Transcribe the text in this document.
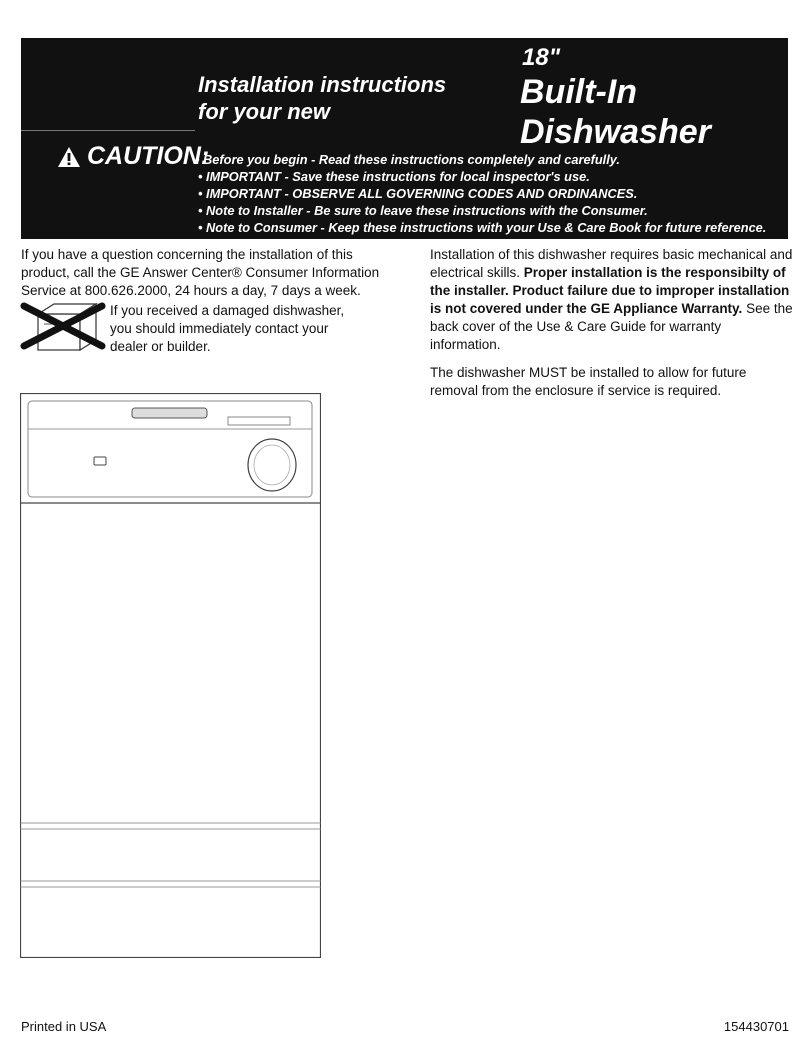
Installation instructions
for your new
18"
Built-In
Dishwasher
CAUTION:
• Before you begin - Read these instructions completely and carefully.
• IMPORTANT - Save these instructions for local inspector's use.
• IMPORTANT - OBSERVE ALL GOVERNING CODES AND ORDINANCES.
• Note to Installer - Be sure to leave these instructions with the Consumer.
• Note to Consumer - Keep these instructions with your Use & Care Book for future reference.
If you have a question concerning the installation of this product, call the GE Answer Center® Consumer Information Service at 800.626.2000, 24 hours a day, 7 days a week.
If you received a damaged dishwasher, you should immediately contact your dealer or builder.
Installation of this dishwasher requires basic mechanical and electrical skills. Proper installation is the responsibilty of the installer. Product failure due to improper installation is not covered under the GE Appliance Warranty. See the back cover of the Use & Care Guide for warranty information.
The dishwasher MUST be installed to allow for future removal from the enclosure if service is required.
Printed in USA	154430701
